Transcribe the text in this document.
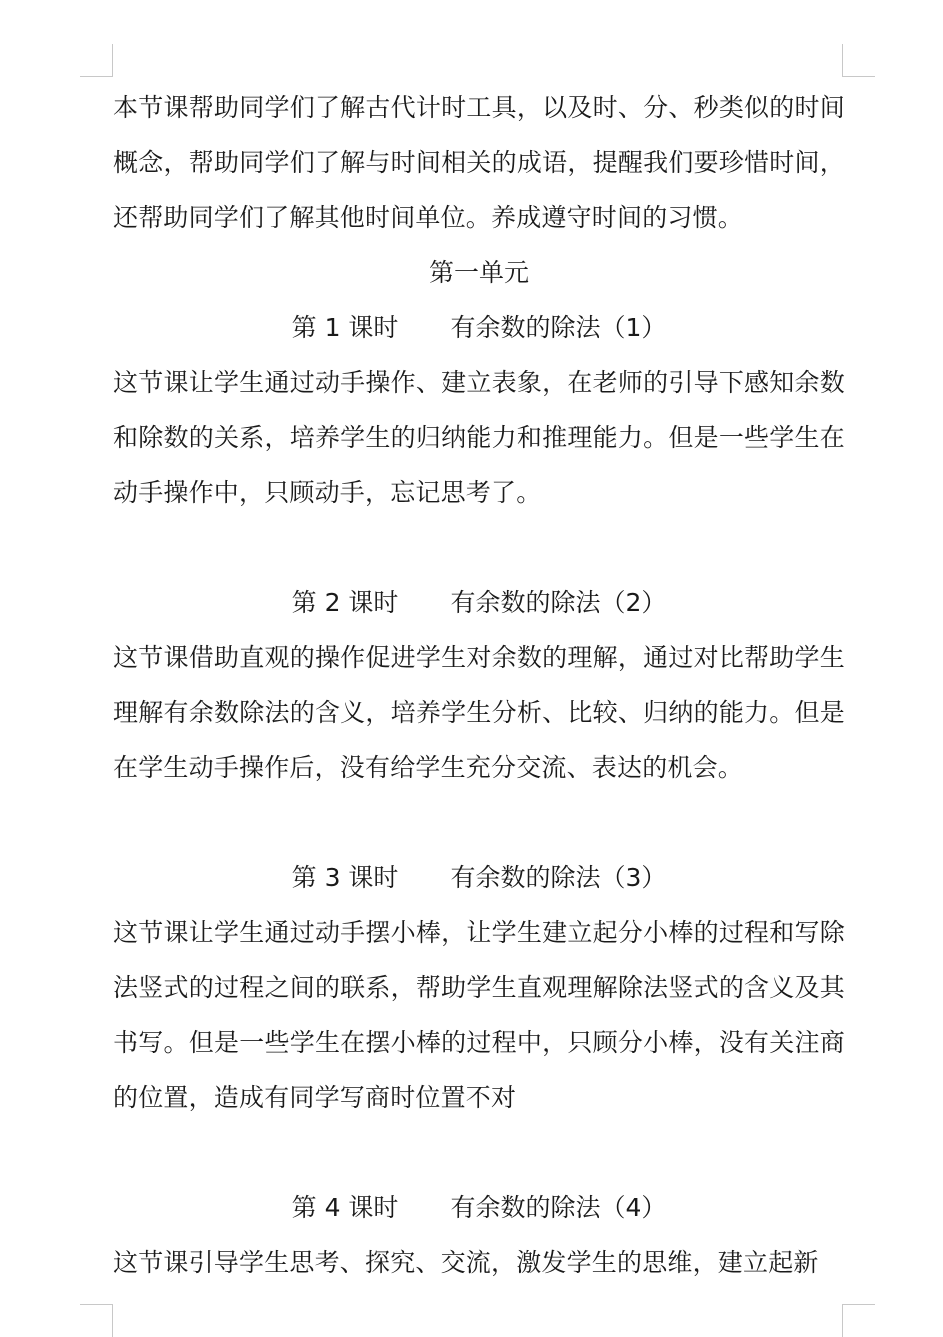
本节课帮助同学们了解古代计时工具，以及时、分、秒类似的时间概念，帮助同学们了解与时间相关的成语，提醒我们要珍惜时间，还帮助同学们了解其他时间单位。养成遵守时间的习惯。

第一单元

第 1 课时 有余数的除法（1）

这节课让学生通过动手操作、建立表象，在老师的引导下感知余数和除数的关系，培养学生的归纳能力和推理能力。但是一些学生在动手操作中，只顾动手，忘记思考了。

第 2 课时 有余数的除法（2）

这节课借助直观的操作促进学生对余数的理解，通过对比帮助学生理解有余数除法的含义，培养学生分析、比较、归纳的能力。但是在学生动手操作后，没有给学生充分交流、表达的机会。

第 3 课时 有余数的除法（3）

这节课让学生通过动手摆小棒，让学生建立起分小棒的过程和写除法竖式的过程之间的联系，帮助学生直观理解除法竖式的含义及其书写。但是一些学生在摆小棒的过程中，只顾分小棒，没有关注商的位置，造成有同学写商时位置不对

第 4 课时 有余数的除法（4）

这节课引导学生思考、探究、交流，激发学生的思维，建立起新
